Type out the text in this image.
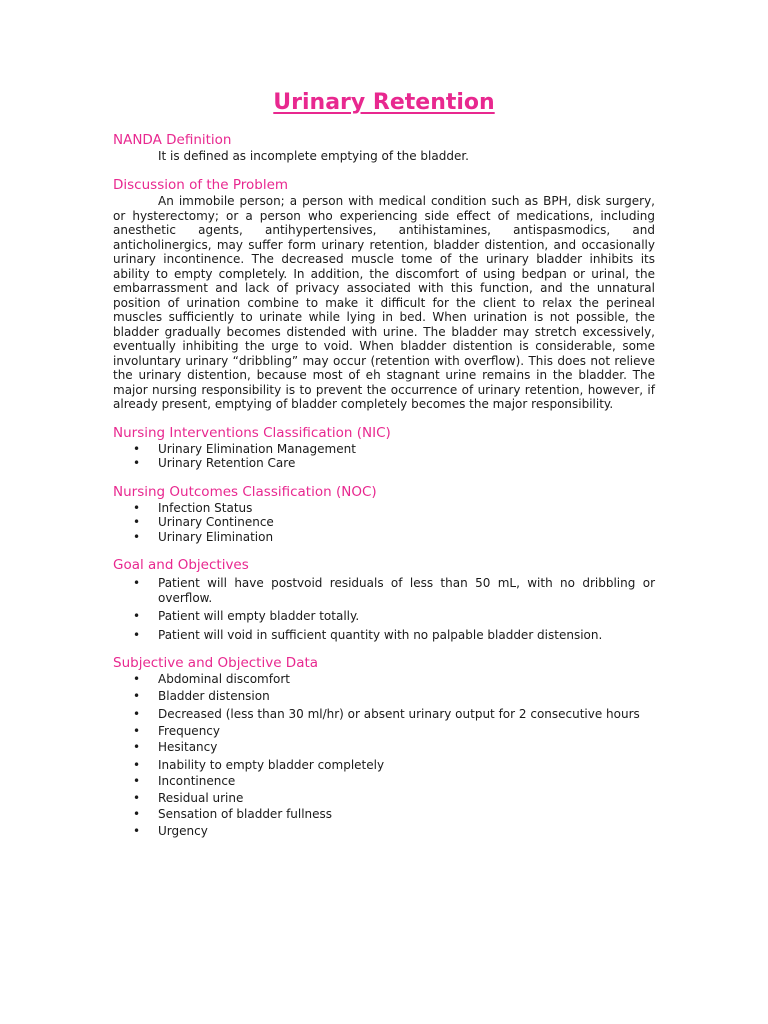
Urinary Retention
NANDA Definition

It is defined as incomplete emptying of the bladder.

Discussion of the Problem

An immobile person; a person with medical condition such as BPH, disk surgery, or hysterectomy; or a person who experiencing side effect of medications, including anesthetic agents, antihypertensives, antihistamines, antispasmodics, and anticholinergics, may suffer form urinary retention, bladder distention, and occasionally urinary incontinence. The decreased muscle tome of the urinary bladder inhibits its ability to empty completely. In addition, the discomfort of using bedpan or urinal, the embarrassment and lack of privacy associated with this function, and the unnatural position of urination combine to make it difficult for the client to relax the perineal muscles sufficiently to urinate while lying in bed. When urination is not possible, the bladder gradually becomes distended with urine. The bladder may stretch excessively, eventually inhibiting the urge to void. When bladder distention is considerable, some involuntary urinary “dribbling” may occur (retention with overflow). This does not relieve the urinary distention, because most of eh stagnant urine remains in the bladder. The major nursing responsibility is to prevent the occurrence of urinary retention, however, if already present, emptying of bladder completely becomes the major responsibility.

Nursing Interventions Classification (NIC)
• Urinary Elimination Management
• Urinary Retention Care
Nursing Outcomes Classification (NOC)
• Infection Status
• Urinary Continence
• Urinary Elimination
Goal and Objectives
• Patient will have postvoid residuals of less than 50 mL, with no dribbling or overflow.
• Patient will empty bladder totally.
• Patient will void in sufficient quantity with no palpable bladder distension.
Subjective and Objective Data
• Abdominal discomfort
• Bladder distension
• Decreased (less than 30 ml/hr) or absent urinary output for 2 consecutive hours
• Frequency
• Hesitancy
• Inability to empty bladder completely
• Incontinence
• Residual urine
• Sensation of bladder fullness
• Urgency
